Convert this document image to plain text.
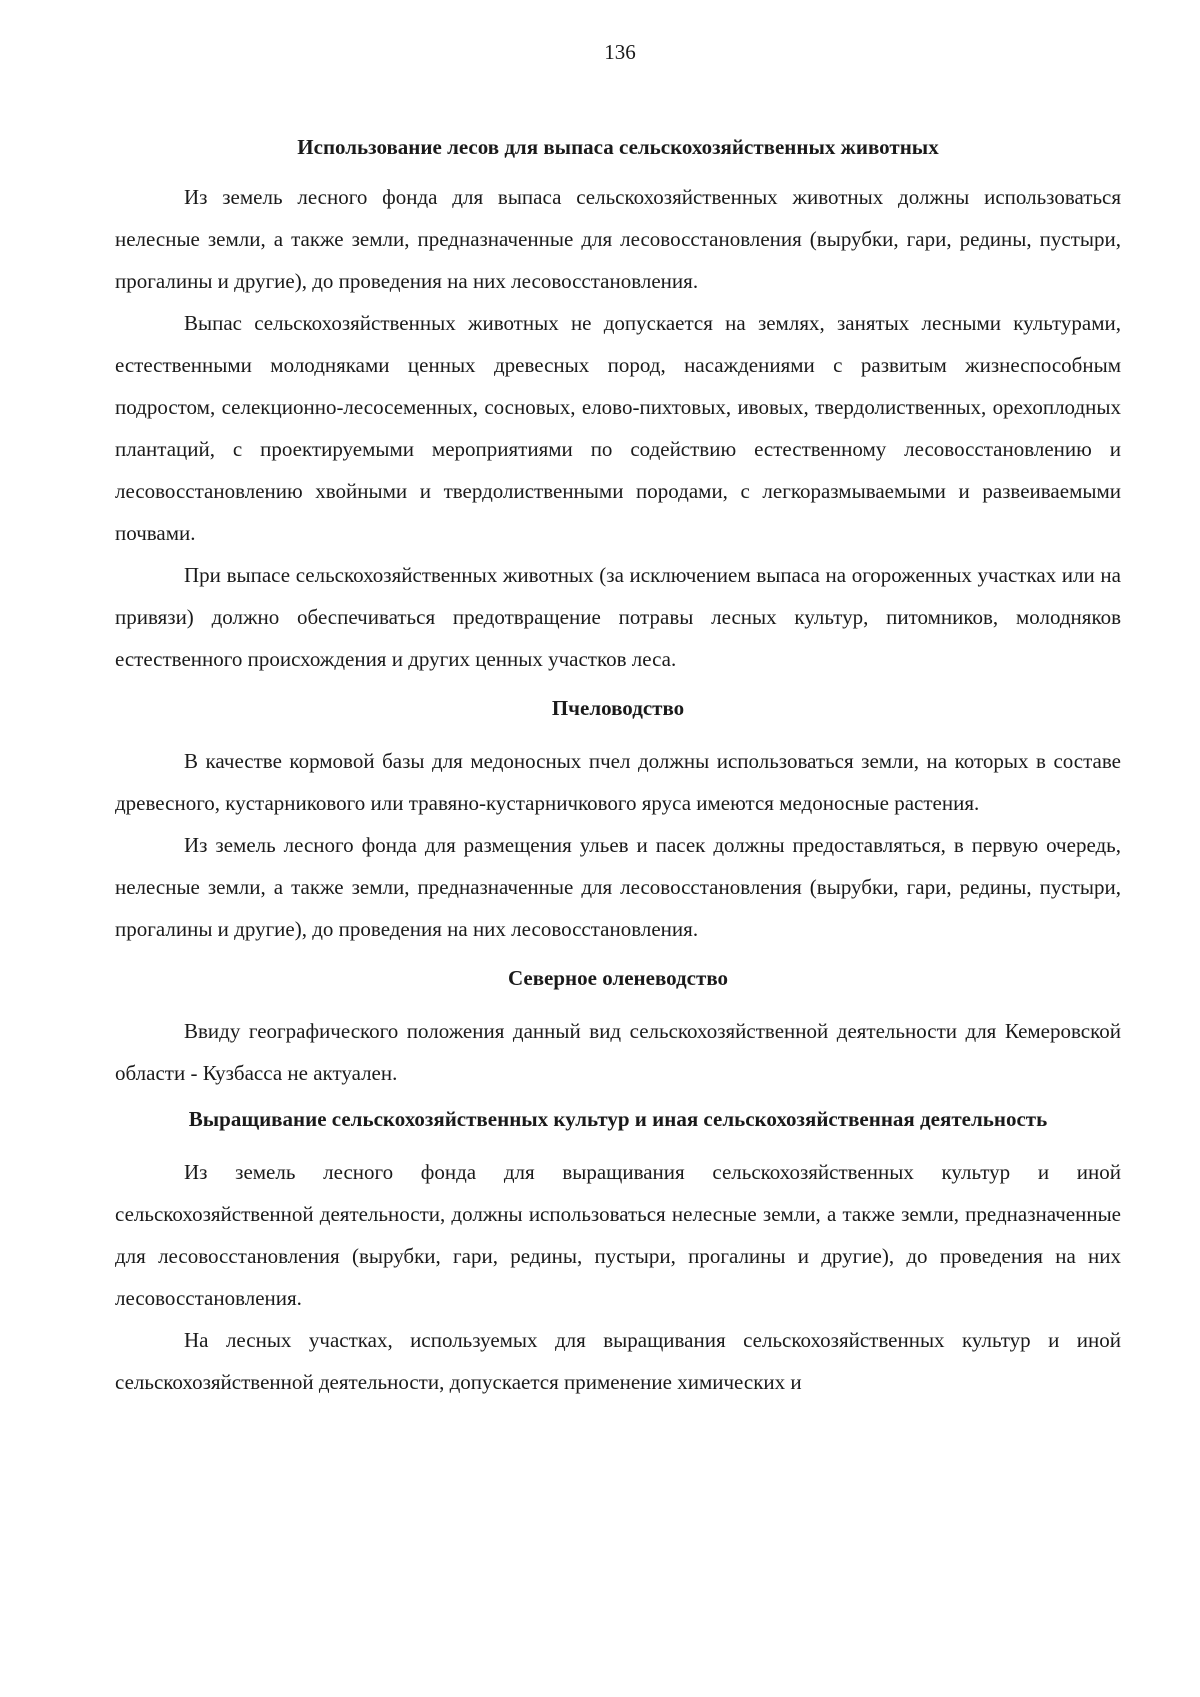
136
Использование лесов для выпаса сельскохозяйственных животных

Из земель лесного фонда для выпаса сельскохозяйственных животных должны использоваться нелесные земли, а также земли, предназначенные для лесовосстановления (вырубки, гари, редины, пустыри, прогалины и другие), до проведения на них лесовосстановления.

Выпас сельскохозяйственных животных не допускается на землях, занятых лесными культурами, естественными молодняками ценных древесных пород, насаждениями с развитым жизнеспособным подростом, селекционно-лесосеменных, сосновых, елово-пихтовых, ивовых, твердолиственных, орехоплодных плантаций, с проектируемыми мероприятиями по содействию естественному лесовосстановлению и лесовосстановлению хвойными и твердолиственными породами, с легкоразмываемыми и развеиваемыми почвами.

При выпасе сельскохозяйственных животных (за исключением выпаса на огороженных участках или на привязи) должно обеспечиваться предотвращение потравы лесных культур, питомников, молодняков естественного происхождения и других ценных участков леса.

Пчеловодство

В качестве кормовой базы для медоносных пчел должны использоваться земли, на которых в составе древесного, кустарникового или травяно-кустарничкового яруса имеются медоносные растения.

Из земель лесного фонда для размещения ульев и пасек должны предоставляться, в первую очередь, нелесные земли, а также земли, предназначенные для лесовосстановления (вырубки, гари, редины, пустыри, прогалины и другие), до проведения на них лесовосстановления.

Северное оленеводство

Ввиду географического положения данный вид сельскохозяйственной деятельности для Кемеровской области - Кузбасса не актуален.

Выращивание сельскохозяйственных культур и иная сельскохозяйственная деятельность

Из земель лесного фонда для выращивания сельскохозяйственных культур и иной сельскохозяйственной деятельности, должны использоваться нелесные земли, а также земли, предназначенные для лесовосстановления (вырубки, гари, редины, пустыри, прогалины и другие), до проведения на них лесовосстановления.

На лесных участках, используемых для выращивания сельскохозяйственных культур и иной сельскохозяйственной деятельности, допускается применение химических и
